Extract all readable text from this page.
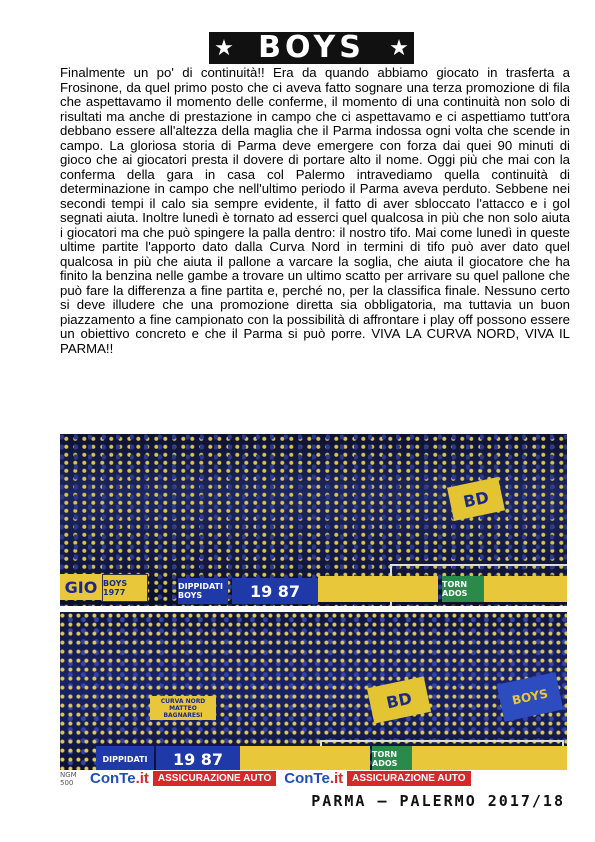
★ BOYS	★

Finalmente un po' di continuità!! Era da quando abbiamo giocato in trasferta a Frosinone, da quel primo posto che ci aveva fatto sognare una terza promozione di fila che aspettavamo il momento delle conferme, il momento di una continuità non solo di risultati ma anche di prestazione in campo che ci aspettavamo e ci aspettiamo tutt'ora debbano essere all'altezza della maglia che il Parma indossa ogni volta che scende in campo. La gloriosa storia di Parma deve emergere con forza dai quei 90 minuti di gioco che ai giocatori presta il dovere di portare alto il nome. Oggi più che mai con la conferma della gara in casa col Palermo intravediamo quella continuità di determinazione in campo che nell'ultimo periodo il Parma aveva perduto. Sebbene nei secondi tempi il calo sia sempre evidente, il fatto di aver sbloccato l'attacco e i gol segnati aiuta. Inoltre lunedì è tornato ad esserci quel qualcosa in più che non solo aiuta i giocatori ma che può spingere la palla dentro: il nostro tifo. Mai come lunedì in queste ultime partite l'apporto dato dalla Curva Nord in termini di tifo può aver dato quel qualcosa in più che aiuta il pallone a varcare la soglia, che aiuta il giocatore che ha finito la benzina nelle gambe a trovare un ultimo scatto per arrivare su quel pallone che può fare la differenza a fine partita e, perché no, per la classifica finale. Nessuno certo si deve illudere che una promozione diretta sia obbligatoria, ma tuttavia un buon piazzamento a fine campionato con la possibilità di affrontare i play off possono essere un obiettivo concreto e che il Parma si può porre. VIVA LA CURVA NORD, VIVA IL PARMA!!

BD
GIO BOYS 1977
DIPPIDATI BOYS	19 87	TORN ADOS
CURVA NORD MATTEO BAGNARESI
BD	BOYS
DIPPIDATI	19 87	TORN ADOS
NGM 500	ConTe.it ASSICURAZIONE AUTO ConTe.it ASSICURAZIONE AUTO
PARMA – PALERMO 2017/18
